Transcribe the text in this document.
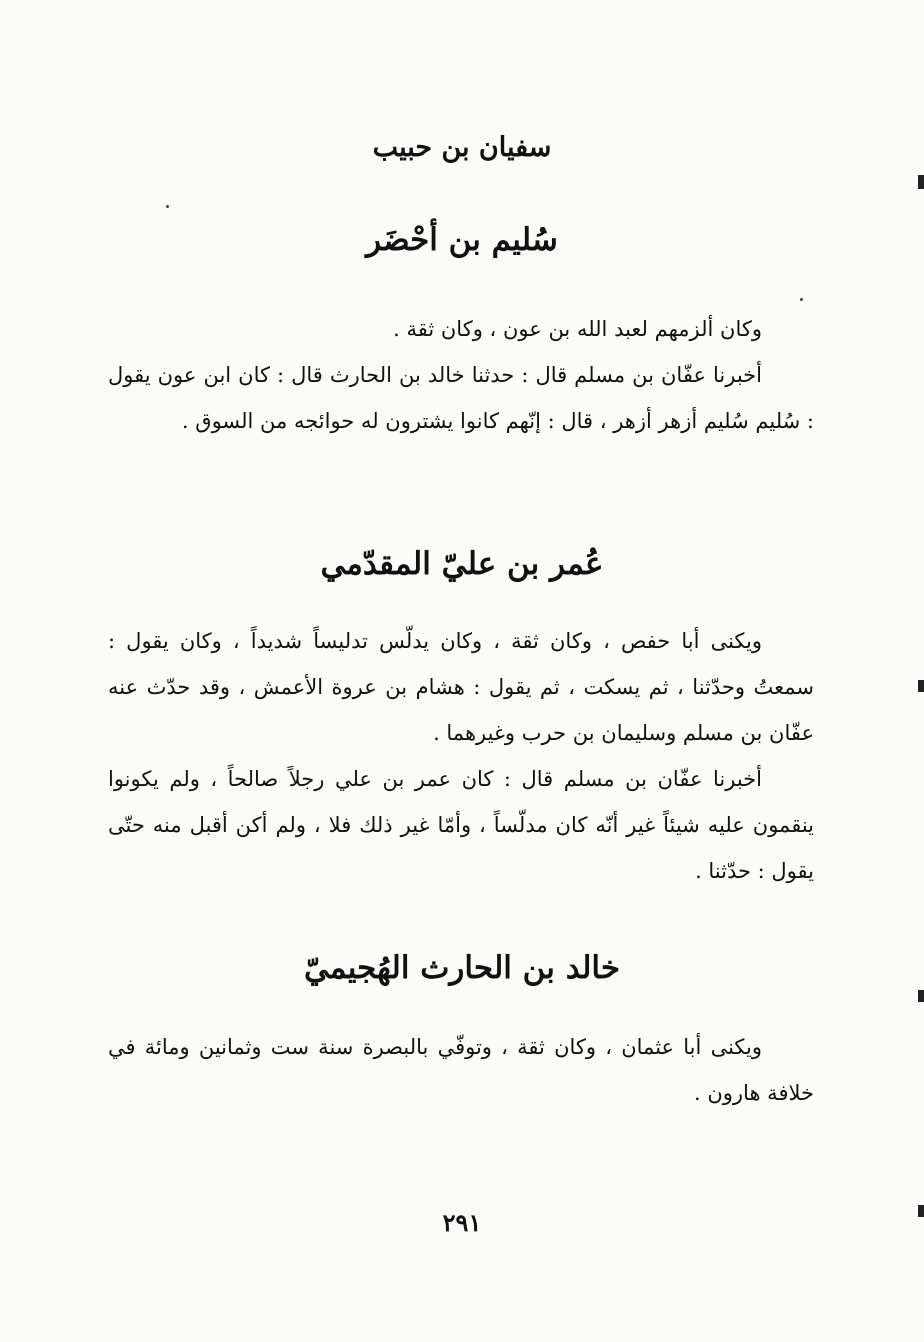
سفيان بن حبيب
سُليم بن أحْضَر

وكان ألزمهم لعبد الله بن عون ، وكان ثقة .

أخبرنا عفّان بن مسلم قال : حدثنا خالد بن الحارث قال : كان ابن عون يقول : سُليم سُليم أزهر أزهر ، قال : إنّهم كانوا يشترون له حوائجه من السوق .

عُمر بن عليّ المقدّمي

ويكنى أبا حفص ، وكان ثقة ، وكان يدلّس تدليساً شديداً ، وكان يقول : سمعتُ وحدّثنا ، ثم يسكت ، ثم يقول : هشام بن عروة الأعمش ، وقد حدّث عنه عفّان بن مسلم وسليمان بن حرب وغيرهما .

أخبرنا عفّان بن مسلم قال : كان عمر بن علي رجلاً صالحاً ، ولم يكونوا ينقمون عليه شيئاً غير أنّه كان مدلّساً ، وأمّا غير ذلك فلا ، ولم أكن أقبل منه حتّى يقول : حدّثنا .

خالد بن الحارث الهُجيميّ

ويكنى أبا عثمان ، وكان ثقة ، وتوفّي بالبصرة سنة ست وثمانين ومائة في خلافة هارون .

٢٩١
